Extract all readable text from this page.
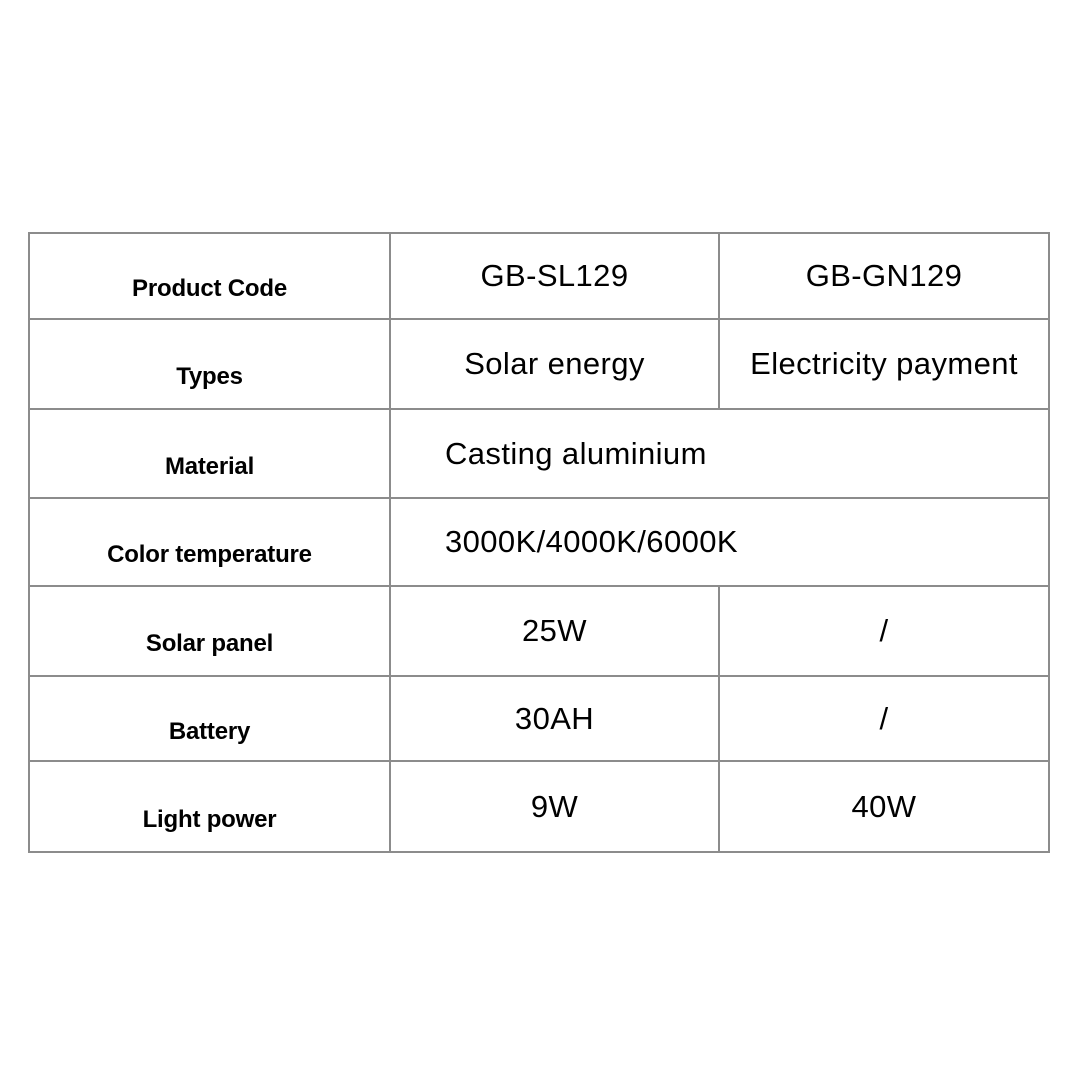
Product Code	GB-SL129	GB-GN129
Types	Solar energy	Electricity payment
Material	Casting aluminium	
Color temperature	3000K/4000K/6000K	
Solar panel	25W	/
Battery	30AH	/
Light power	9W	40W
